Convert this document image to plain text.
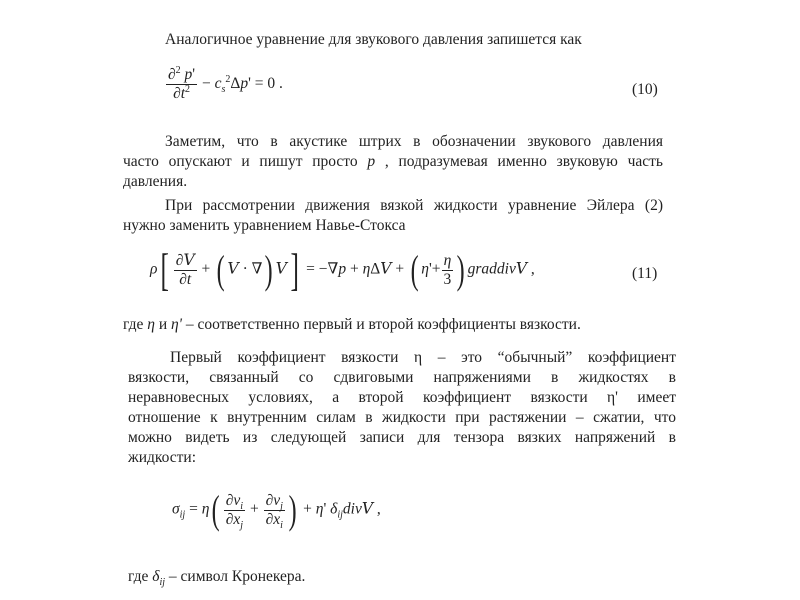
Аналогичное уравнение для звукового давления запишется как
$\frac{\partial^2 p'}{\partial t^2} - c_s^2\Delta p' = 0$ .	(10)
Заметим, что в акустике штрих в обозначении звукового давления
часто опускают и пишут просто p , подразумевая именно звуковую часть
давления.
При рассмотрении движения вязкой жидкости уравнение Эйлера (2)
нужно заменить уравнением Навье-Стокса
$\rho[ \frac{\partial V}{\partial t}$ + ( V · ∇) V] = −∇p + ηΔV + ( $\eta'+ \frac{\eta}{3}$ ) graddivV ,	(11)
где η и η' – соответственно первый и второй коэффициенты вязкости.
Первый коэффициент вязкости η – это “обычный” коэффициент
вязкости, связанный со сдвиговыми напряжениями в жидкостях в
неравновесных условиях, а второй коэффициент вязкости η' имеет
отношение к внутренним силам в жидкости при растяжении – сжатии, что
можно видеть из следующей записи для тензора вязких напряжений в
жидкости:
$\sigma_{ij} = \eta( \frac{\partial v_i}{\partial x_j} + \frac{\partial v_j}{\partial x_i}$ ) + η' $\delta_{ij}divV$ ,
где $\delta_{ij}$ – символ Кронекера.
